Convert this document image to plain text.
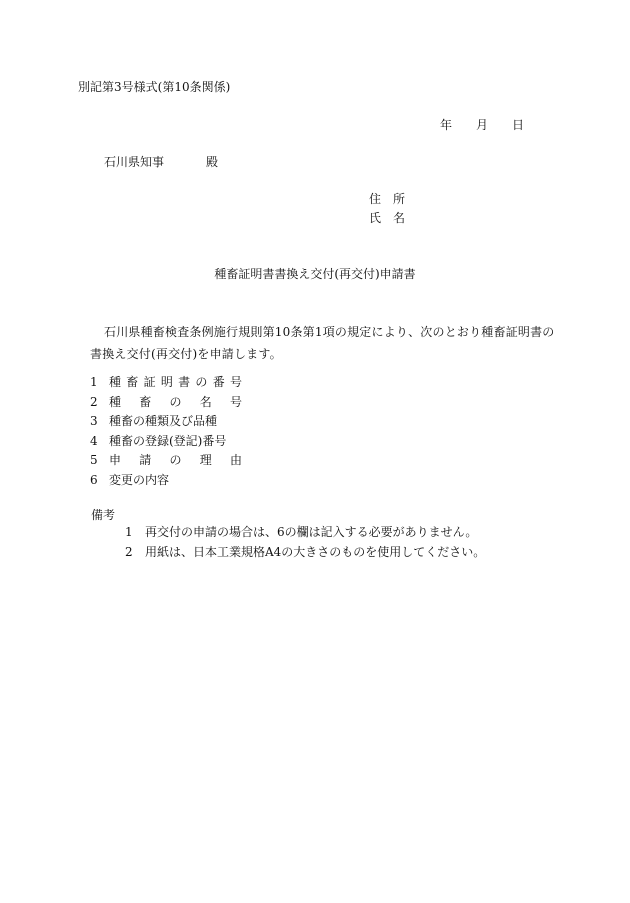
別記第3号様式(第10条関係)
年 月 日
石川県知事	殿
住 所
氏 名
種畜証明書書換え交付(再交付)申請書
石川県種畜検査条例施行規則第10条第1項の規定により、次のとおり種畜証明書の書換え交付(再交付)を申請します。
1 種 畜 証 明 書 の 番 号
2 種 畜 の 名 号
3 種畜の種類及び品種
4 種畜の登録(登記)番号
5 申 請 の 理 由
6 変更の内容
備考
1	再交付の申請の場合は、6の欄は記入する必要がありません。
2	用紙は、日本工業規格A4の大きさのものを使用してください。
